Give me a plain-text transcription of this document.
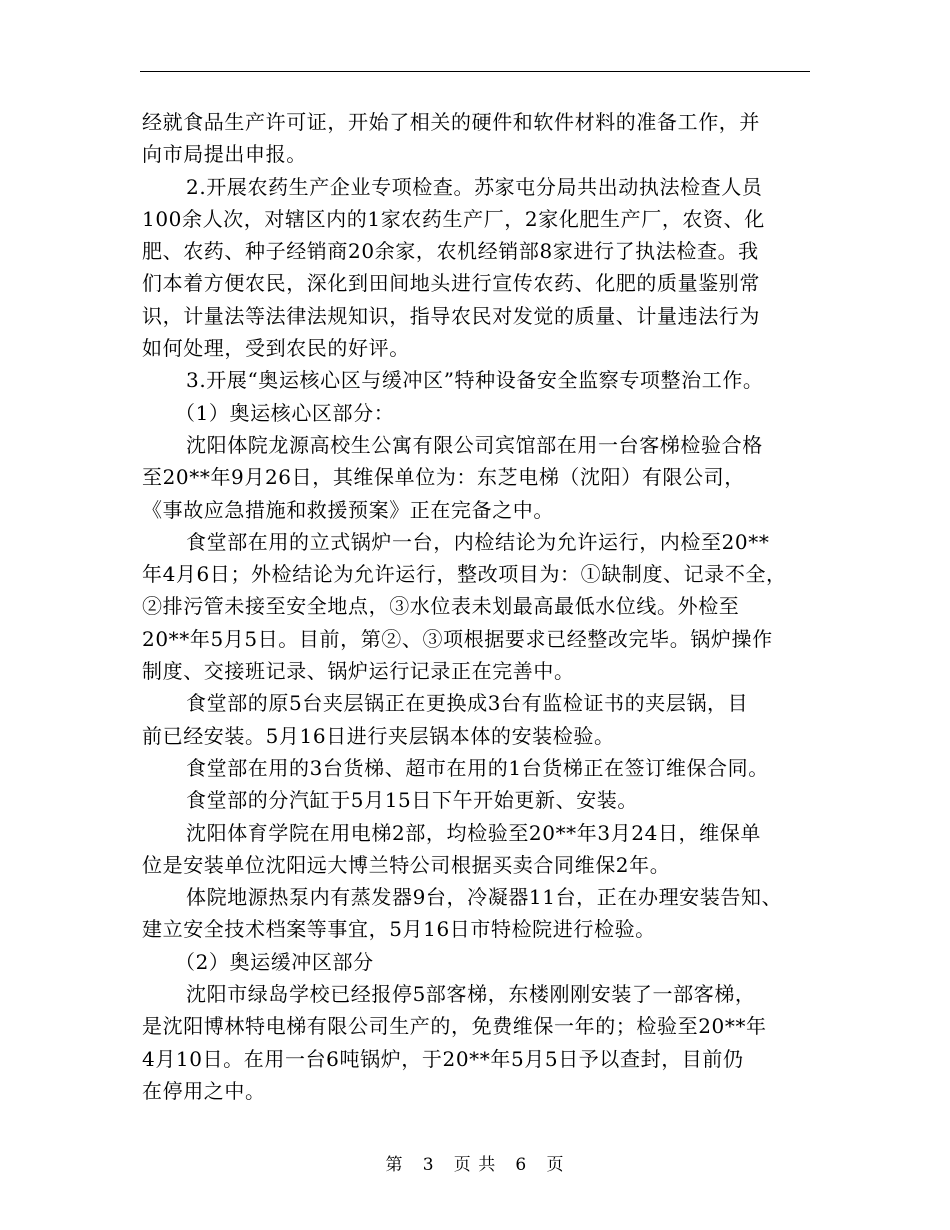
经就食品生产许可证，开始了相关的硬件和软件材料的准备工作，并
向市局提出申报。
2.开展农药生产企业专项检查。苏家屯分局共出动执法检查人员
100余人次，对辖区内的1家农药生产厂，2家化肥生产厂，农资、化
肥、农药、种子经销商20余家，农机经销部8家进行了执法检查。我
们本着方便农民，深化到田间地头进行宣传农药、化肥的质量鉴别常
识，计量法等法律法规知识，指导农民对发觉的质量、计量违法行为
如何处理，受到农民的好评。
3.开展“奥运核心区与缓冲区”特种设备安全监察专项整治工作。
（1）奥运核心区部分：
沈阳体院龙源高校生公寓有限公司宾馆部在用一台客梯检验合格
至20**年9月26日，其维保单位为：东芝电梯（沈阳）有限公司，
《事故应急措施和救援预案》正在完备之中。
食堂部在用的立式锅炉一台，内检结论为允许运行，内检至20**
年4月6日；外检结论为允许运行，整改项目为：①缺制度、记录不全，
②排污管未接至安全地点，③水位表未划最高最低水位线。外检至
20**年5月5日。目前，第②、③项根据要求已经整改完毕。锅炉操作
制度、交接班记录、锅炉运行记录正在完善中。
食堂部的原5台夹层锅正在更换成3台有监检证书的夹层锅，目
前已经安装。5月16日进行夹层锅本体的安装检验。
食堂部在用的3台货梯、超市在用的1台货梯正在签订维保合同。
食堂部的分汽缸于5月15日下午开始更新、安装。
沈阳体育学院在用电梯2部，均检验至20**年3月24日，维保单
位是安装单位沈阳远大博兰特公司根据买卖合同维保2年。
体院地源热泵内有蒸发器9台，冷凝器11台，正在办理安装告知、
建立安全技术档案等事宜，5月16日市特检院进行检验。
（2）奥运缓冲区部分
沈阳市绿岛学校已经报停5部客梯，东楼刚刚安装了一部客梯，
是沈阳博林特电梯有限公司生产的，免费维保一年的；检验至20**年
4月10日。在用一台6吨锅炉，于20**年5月5日予以查封，目前仍
在停用之中。
第 3 页 共 6 页
